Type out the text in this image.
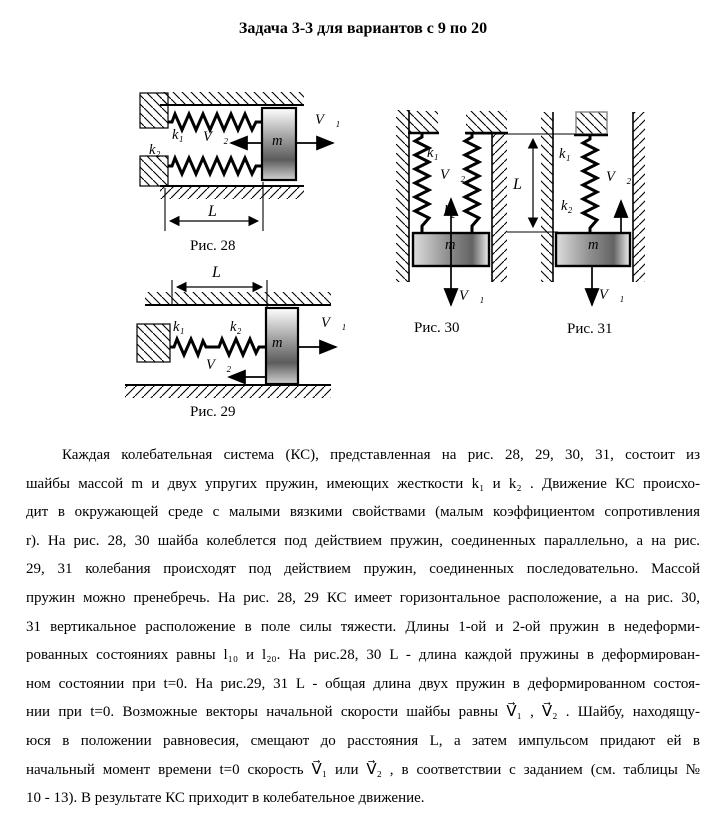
Задача 3-3 для вариантов с 9 по 20
k₁
k₂
m
V⃗₂
V⃗₁
L
Рис. 28
L
k₁	k₂
m
V⃗₁
V⃗₂
Рис. 29
k₁
V⃗₂
k₂
L
m
V⃗₁
Рис. 30
k₁
k₂
V⃗₂
m
V⃗₁
Рис. 31
Каждая колебательная система (КС), представленная на рис. 28, 29, 30, 31, состоит из
шайбы массой m и двух упругих пружин, имеющих жесткости k₁ и k₂ . Движение КС происхо-
дит в окружающей среде с малыми вязкими свойствами (малым коэффициентом сопротивления
r). На рис. 28, 30 шайба колеблется под действием пружин, соединенных параллельно, а на рис.
29, 31 колебания происходят под действием пружин, соединенных последовательно. Массой
пружин можно пренебречь. На рис. 28, 29 КС имеет горизонтальное расположение, а на рис. 30,
31 вертикальное расположение в поле силы тяжести. Длины 1-ой и 2-ой пружин в недеформи-
рованных состояниях равны l₁₀ и l₂₀. На рис.28, 30 L - длина каждой пружины в деформирован-
ном состоянии при t=0. На рис.29, 31 L - общая длина двух пружин в деформированном состоя-
нии при t=0. Возможные векторы начальной скорости шайбы равны V⃗₁ , V⃗₂ . Шайбу, находящу-
юся в положении равновесия, смещают до расстояния L, а затем импульсом придают ей в
начальный момент времени t=0 скорость V⃗₁ или V⃗₂ , в соответствии с заданием (см. таблицы №
10 - 13). В результате КС приходит в колебательное движение.
